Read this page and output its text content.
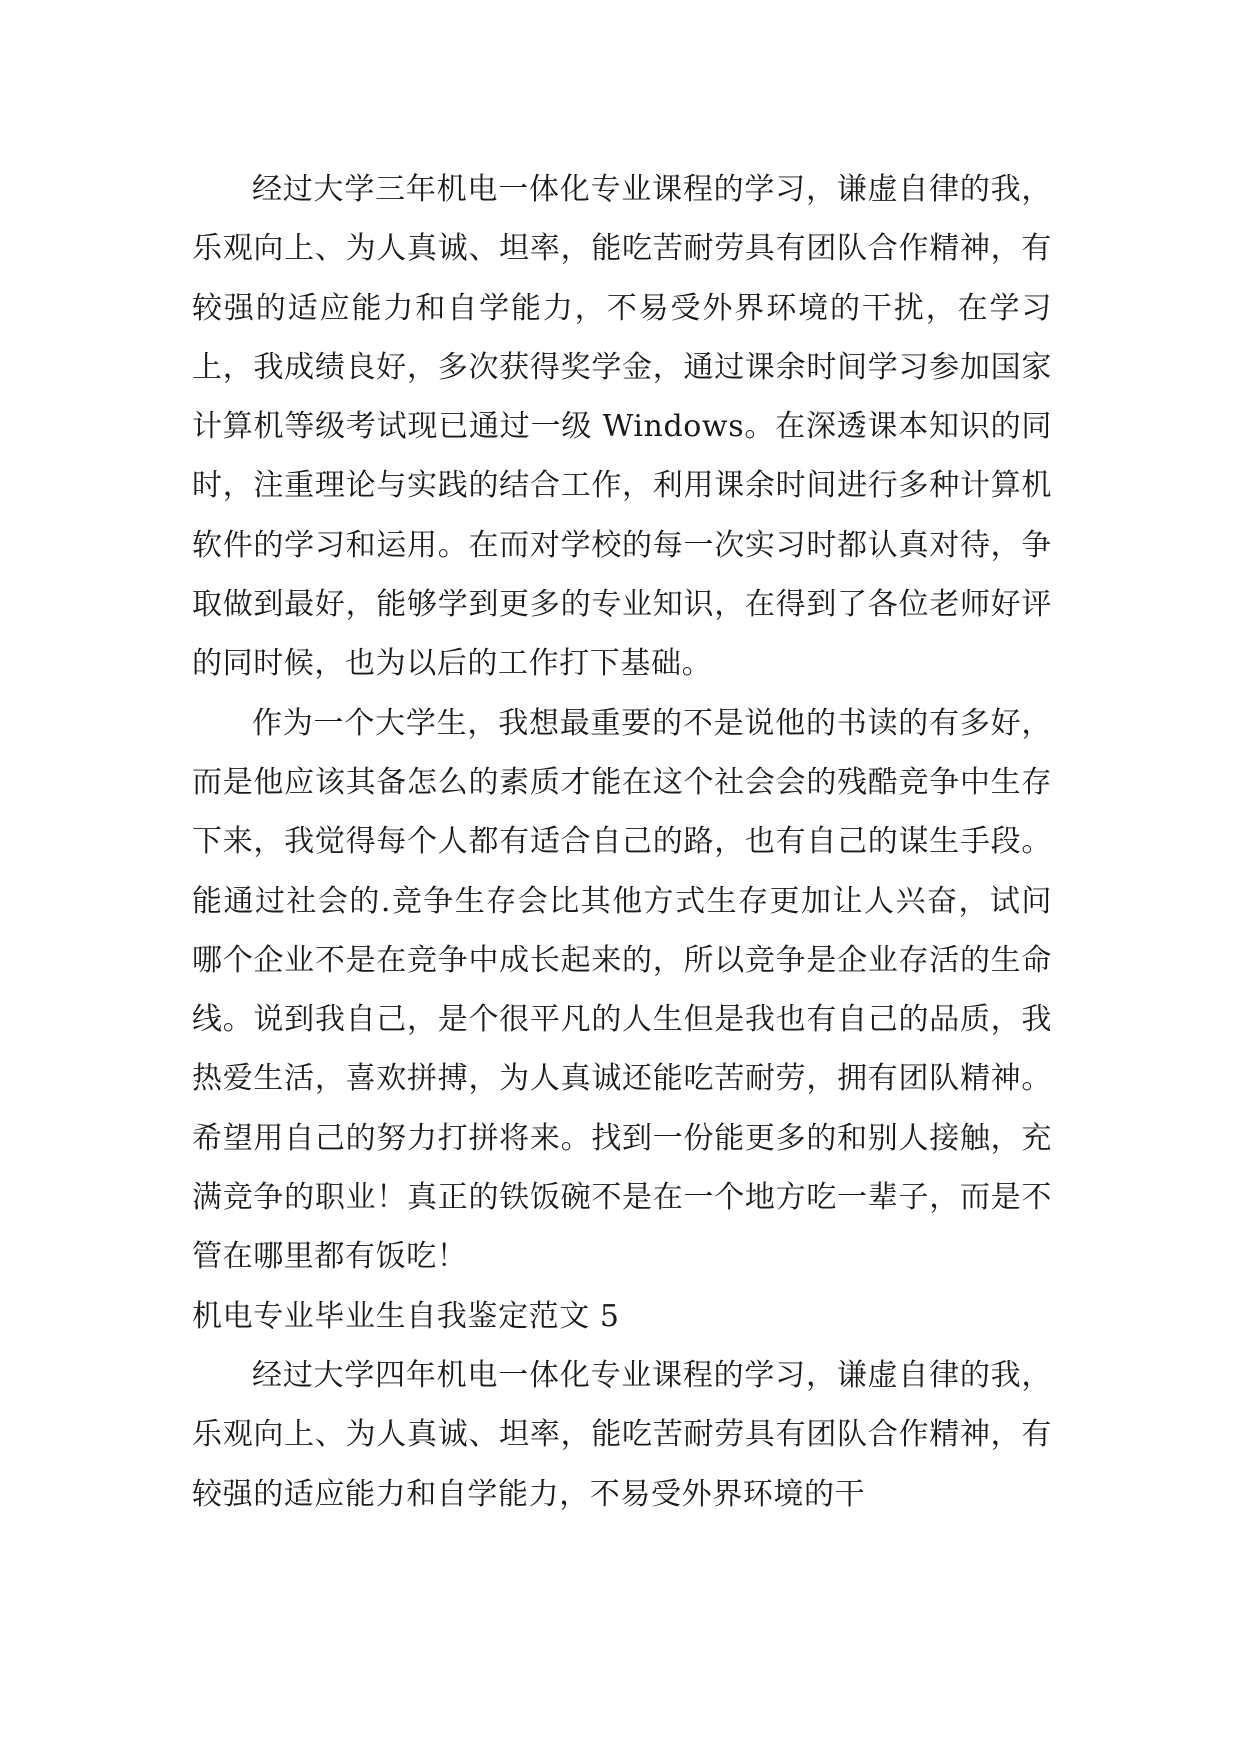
经过大学三年机电一体化专业课程的学习，谦虚自律的我，乐观向上、为人真诚、坦率，能吃苦耐劳具有团队合作精神，有较强的适应能力和自学能力，不易受外界环境的干扰，在学习上，我成绩良好，多次获得奖学金，通过课余时间学习参加国家计算机等级考试现已通过一级 Windows。在深透课本知识的同时，注重理论与实践的结合工作，利用课余时间进行多种计算机软件的学习和运用。在而对学校的每一次实习时都认真对待，争取做到最好，能够学到更多的专业知识，在得到了各位老师好评的同时候，也为以后的工作打下基础。

作为一个大学生，我想最重要的不是说他的书读的有多好，而是他应该其备怎么的素质才能在这个社会会的残酷竞争中生存下来，我觉得每个人都有适合自己的路，也有自己的谋生手段。能通过社会的.竞争生存会比其他方式生存更加让人兴奋，试问哪个企业不是在竞争中成长起来的，所以竞争是企业存活的生命线。说到我自己，是个很平凡的人生但是我也有自己的品质，我热爱生活，喜欢拼搏，为人真诚还能吃苦耐劳，拥有团队精神。希望用自己的努力打拼将来。找到一份能更多的和别人接触，充满竞争的职业！真正的铁饭碗不是在一个地方吃一辈子，而是不管在哪里都有饭吃！

机电专业毕业生自我鉴定范文 5

经过大学四年机电一体化专业课程的学习，谦虚自律的我，乐观向上、为人真诚、坦率，能吃苦耐劳具有团队合作精神，有较强的适应能力和自学能力，不易受外界环境的干
